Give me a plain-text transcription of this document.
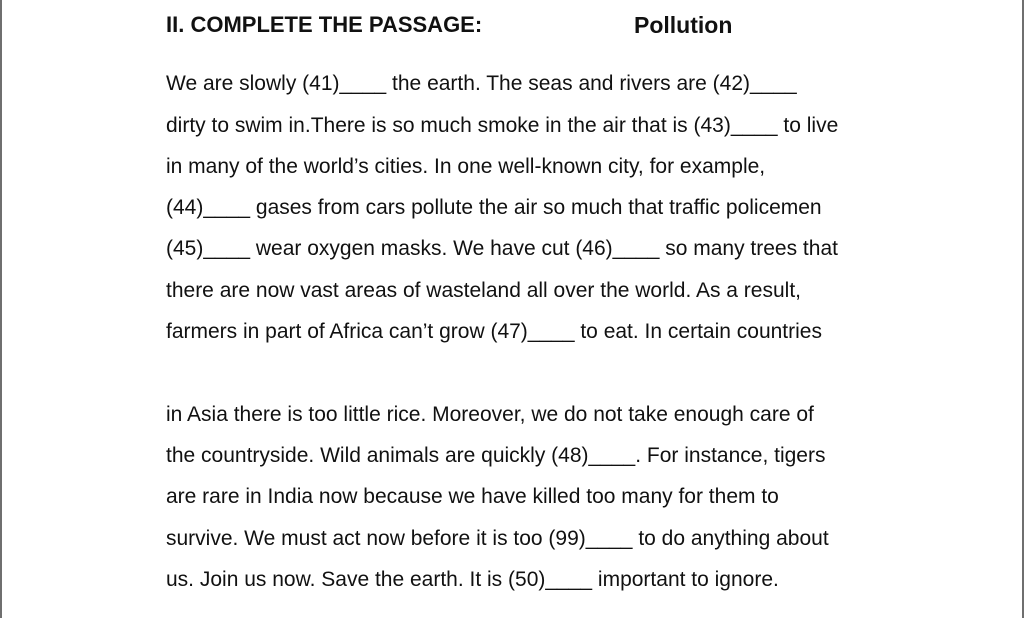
II. COMPLETE THE PASSAGE:	Pollution
We are slowly (41)____ the earth. The seas and rivers are (42)____
dirty to swim in.There is so much smoke in the air that is (43)____ to live
in many of the world’s cities. In one well-known city, for example,
(44)____ gases from cars pollute the air so much that traffic policemen
(45)____ wear oxygen masks. We have cut (46)____ so many trees that
there are now vast areas of wasteland all over the world. As a result,
farmers in part of Africa can’t grow (47)____ to eat. In certain countries
in Asia there is too little rice. Moreover, we do not take enough care of
the countryside. Wild animals are quickly (48)____. For instance, tigers
are rare in India now because we have killed too many for them to
survive. We must act now before it is too (99)____ to do anything about
us. Join us now. Save the earth. It is (50)____ important to ignore.
